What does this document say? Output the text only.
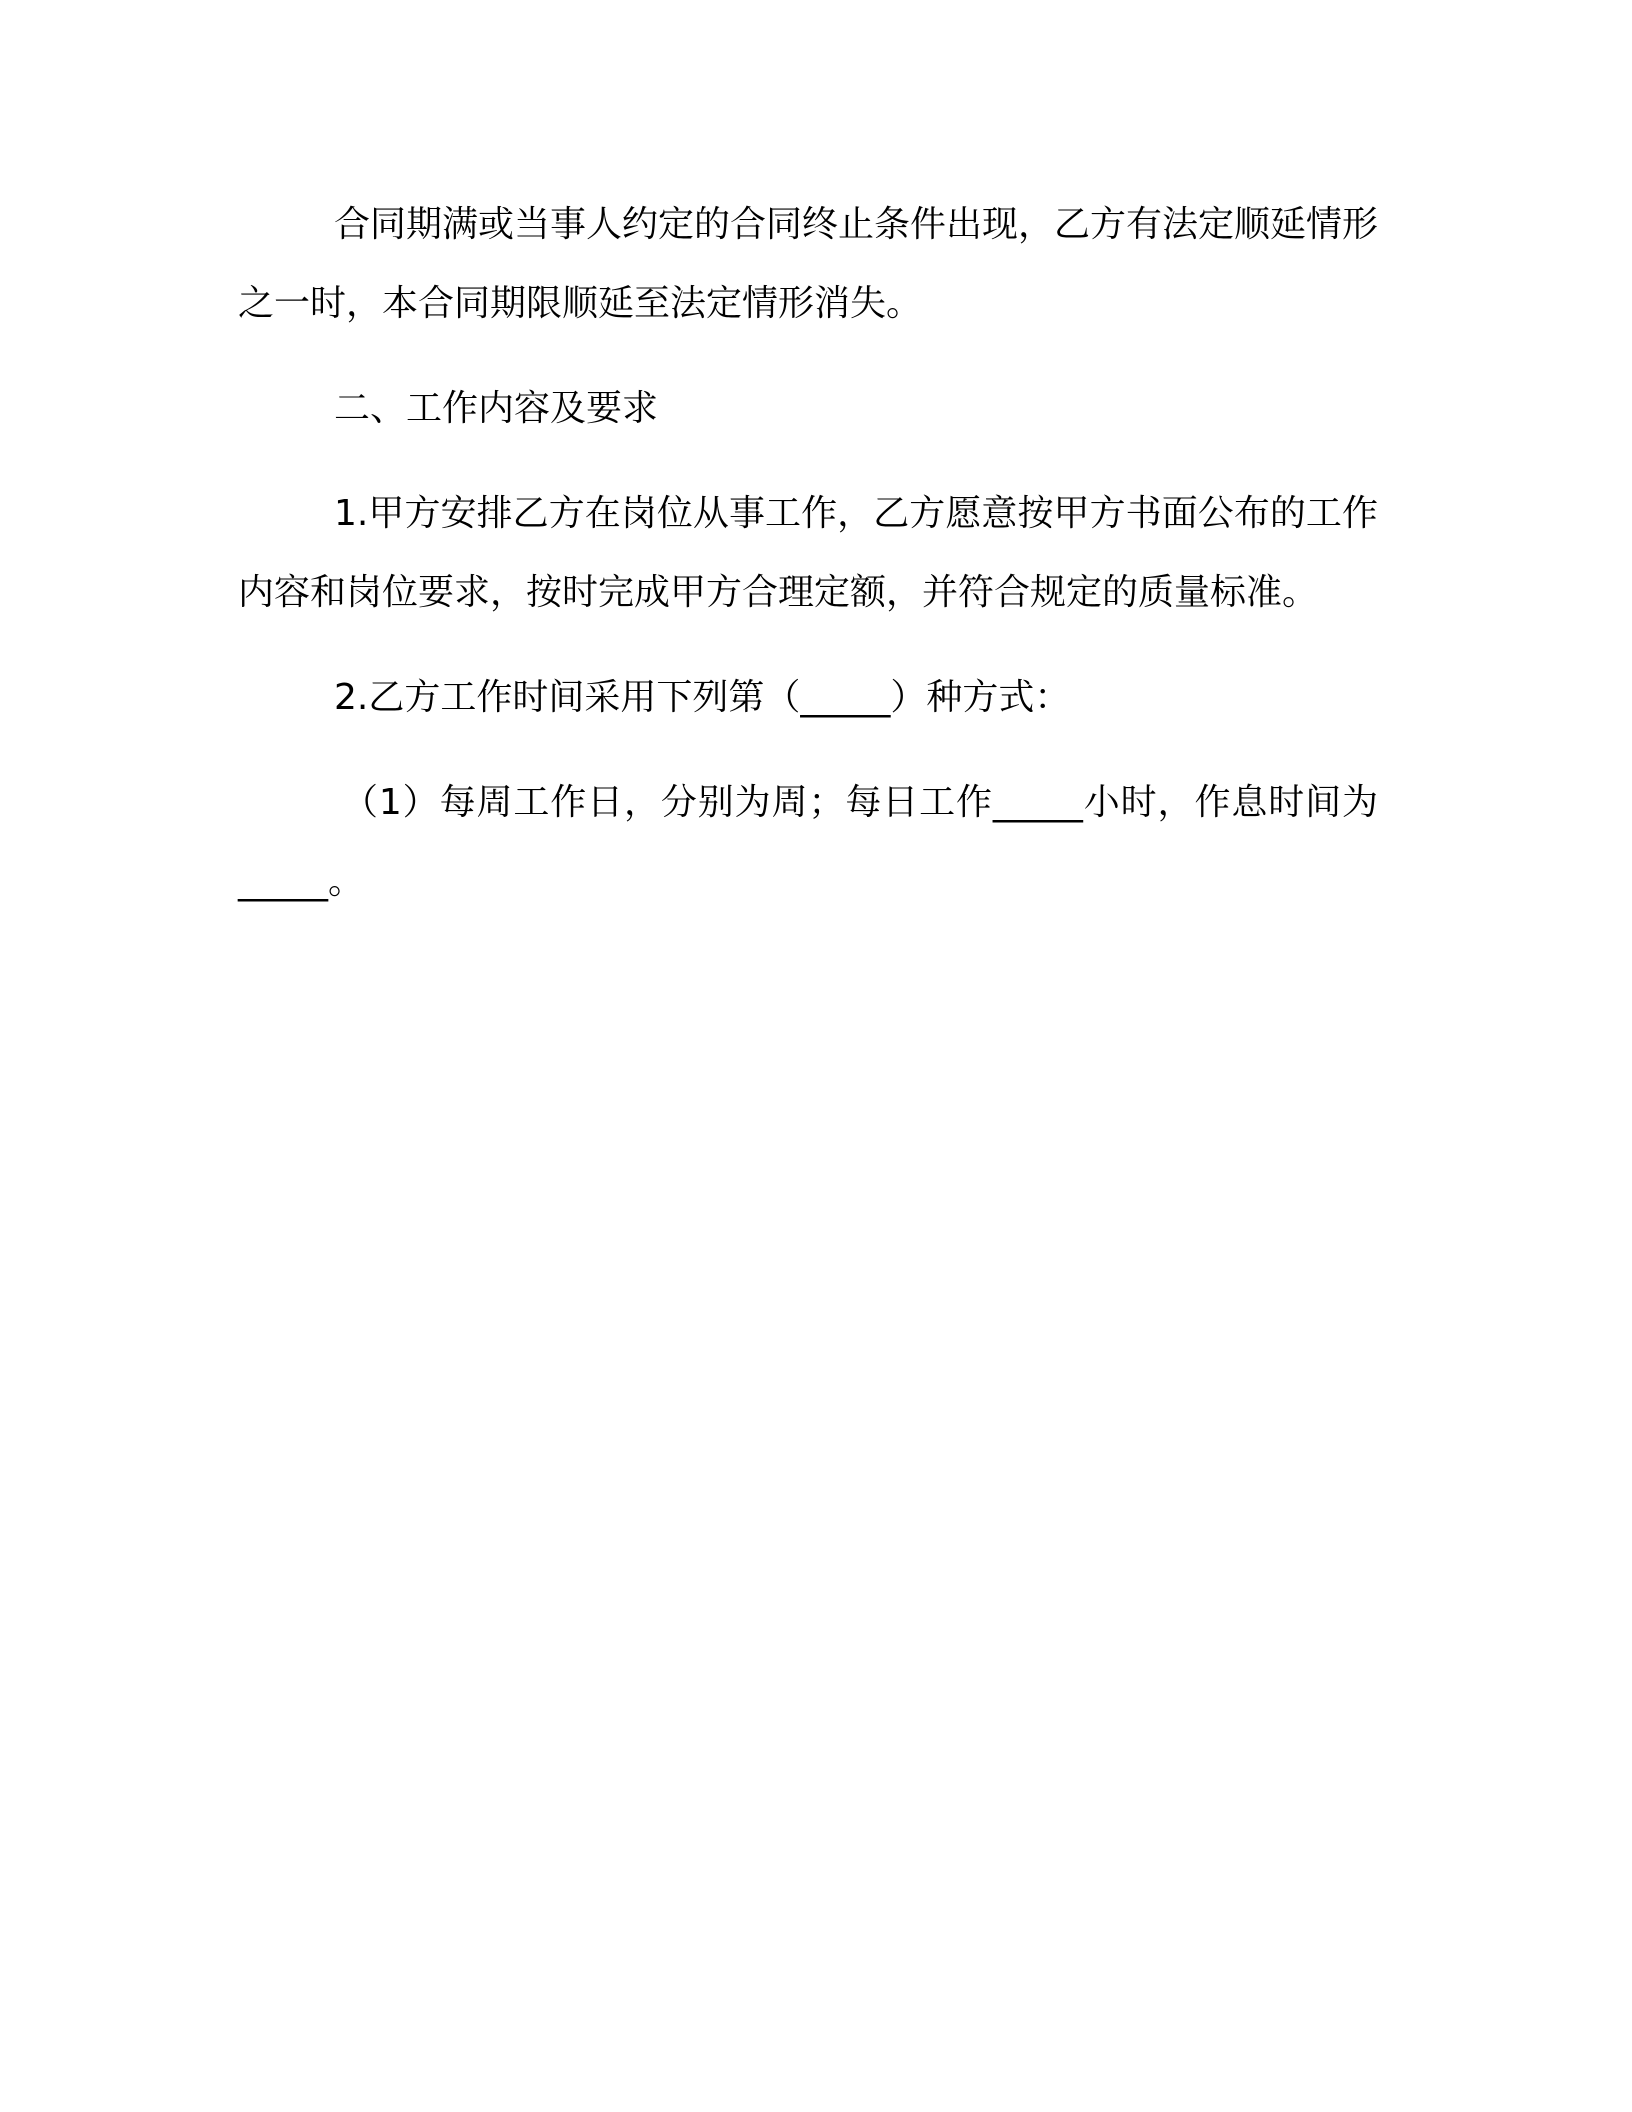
合同期满或当事人约定的合同终止条件出现，乙方有法定顺延情形之一时，本合同期限顺延至法定情形消失。

二、工作内容及要求

1.甲方安排乙方在岗位从事工作，乙方愿意按甲方书面公布的工作内容和岗位要求，按时完成甲方合理定额，并符合规定的质量标准。

2.乙方工作时间采用下列第（_____）种方式：

（1）每周工作日，分别为周；每日工作_____小时，作息时间为_____。
